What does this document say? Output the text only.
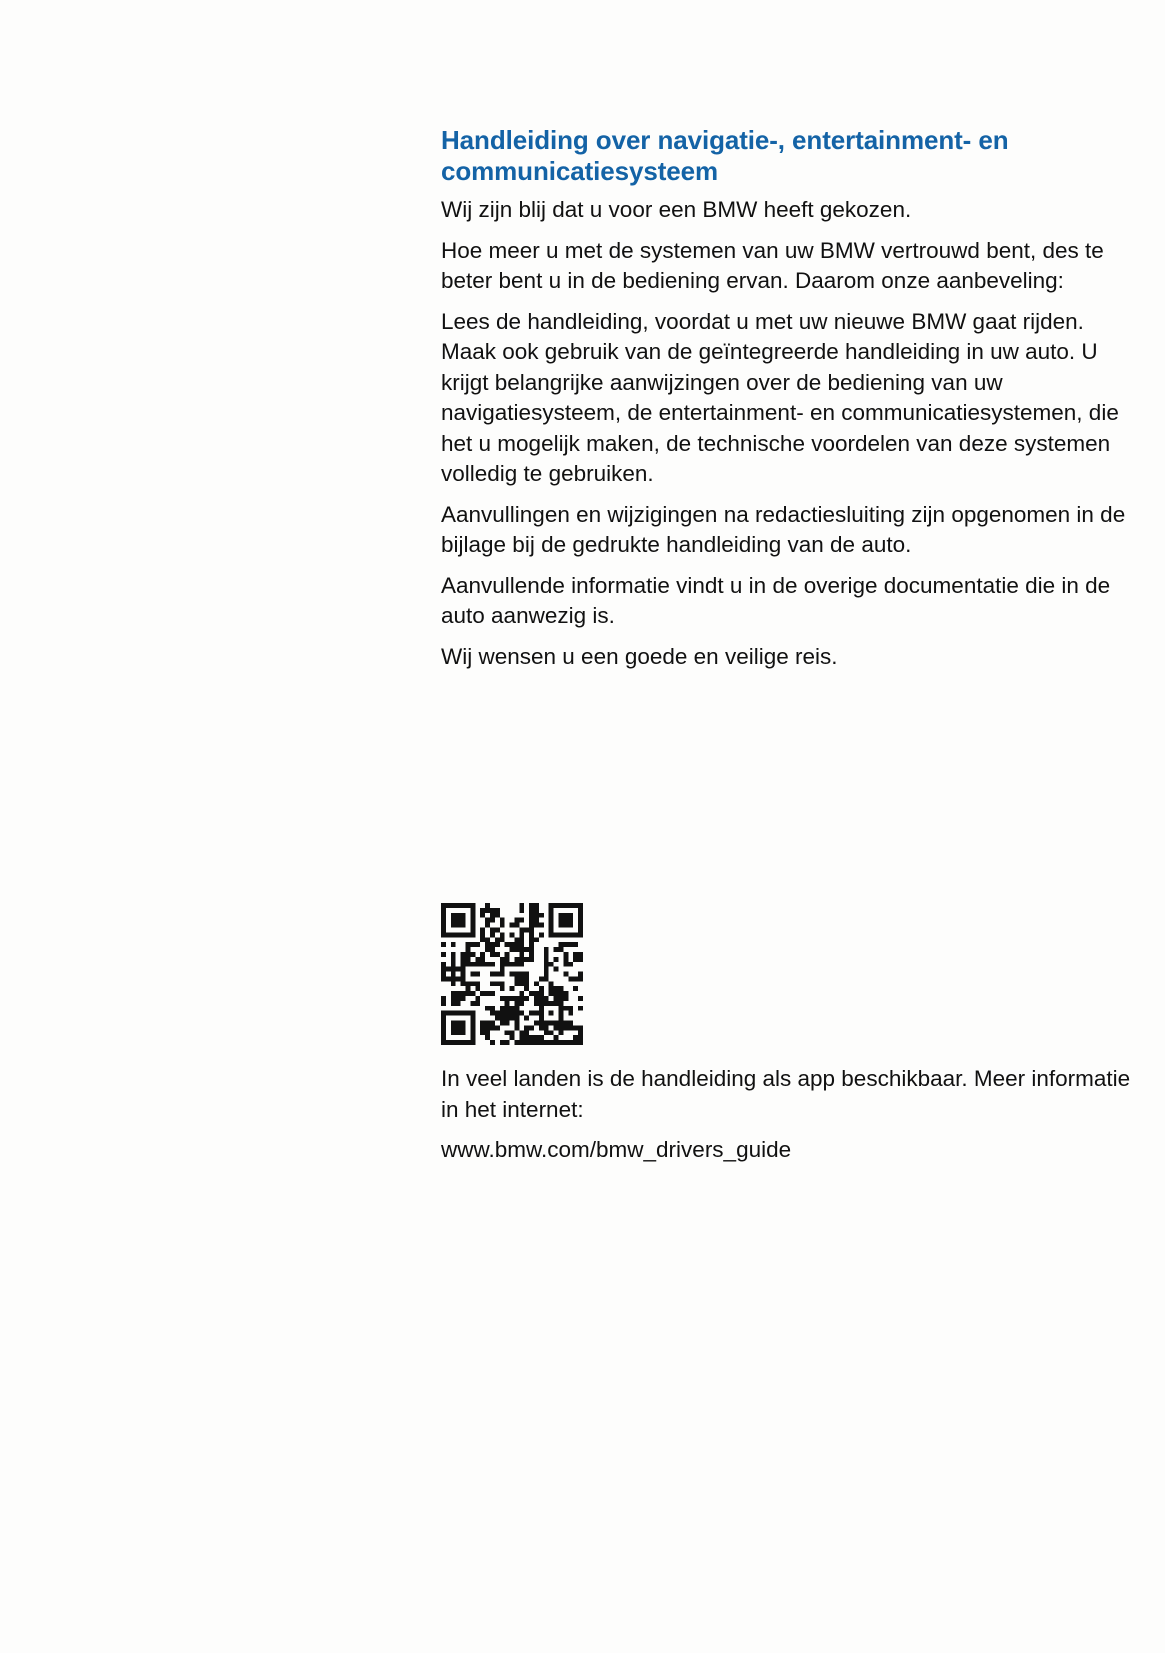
Handleiding over navigatie-, entertainment- en
communicatiesysteem

Wij zijn blij dat u voor een BMW heeft gekozen.

Hoe meer u met de systemen van uw BMW vertrouwd bent, des te beter bent u in de bediening ervan. Daarom onze aanbeveling:

Lees de handleiding, voordat u met uw nieuwe BMW gaat rijden. Maak ook gebruik van de geïntegreerde handleiding in uw auto. U krijgt belangrijke aanwijzingen over de bediening van uw navigatiesysteem, de entertainment- en communicatiesystemen, die het u mogelijk maken, de technische voordelen van deze systemen volledig te gebruiken.

Aanvullingen en wijzigingen na redactiesluiting zijn opgenomen in de bijlage bij de gedrukte handleiding van de auto.

Aanvullende informatie vindt u in de overige documentatie die in de auto aanwezig is.

Wij wensen u een goede en veilige reis.

In veel landen is de handleiding als app beschikbaar. Meer informatie in het internet:

www.bmw.com/bmw_drivers_guide
